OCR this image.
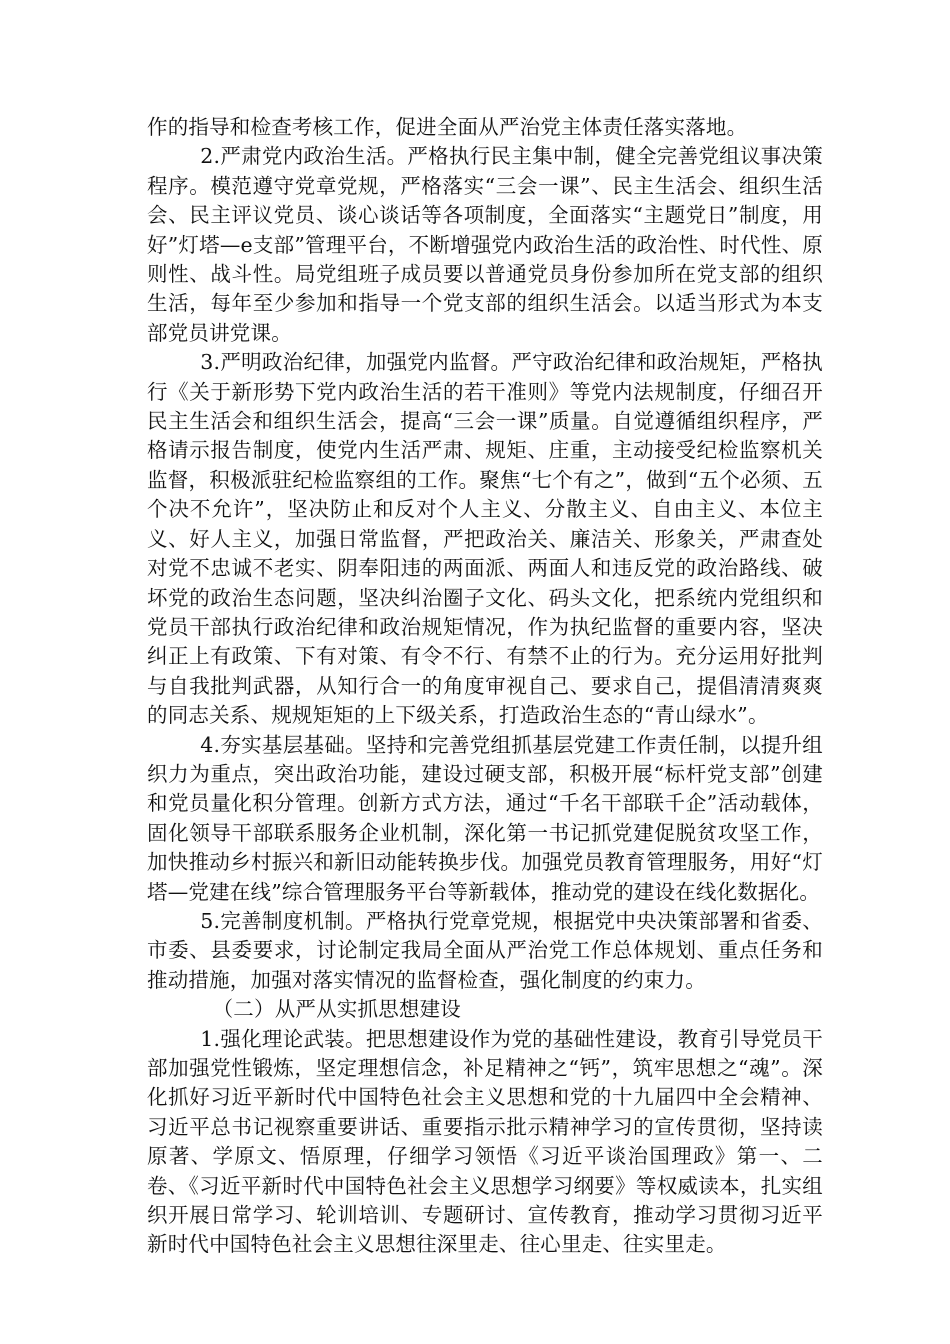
作的指导和检查考核工作，促进全面从严治党主体责任落实落地。

2.严肃党内政治生活。严格执行民主集中制，健全完善党组议事决策程序。模范遵守党章党规，严格落实“三会一课”、民主生活会、组织生活会、民主评议党员、谈心谈话等各项制度，全面落实“主题党日”制度，用好”灯塔—e支部”管理平台，不断增强党内政治生活的政治性、时代性、原则性、战斗性。局党组班子成员要以普通党员身份参加所在党支部的组织生活，每年至少参加和指导一个党支部的组织生活会。以适当形式为本支部党员讲党课。

3.严明政治纪律，加强党内监督。严守政治纪律和政治规矩，严格执行《关于新形势下党内政治生活的若干准则》等党内法规制度，仔细召开民主生活会和组织生活会，提高“三会一课”质量。自觉遵循组织程序，严格请示报告制度，使党内生活严肃、规矩、庄重，主动接受纪检监察机关监督，积极派驻纪检监察组的工作。聚焦“七个有之”，做到“五个必须、五个决不允许”，坚决防止和反对个人主义、分散主义、自由主义、本位主义、好人主义，加强日常监督，严把政治关、廉洁关、形象关，严肃查处对党不忠诚不老实、阴奉阳违的两面派、两面人和违反党的政治路线、破坏党的政治生态问题，坚决纠治圈子文化、码头文化，把系统内党组织和党员干部执行政治纪律和政治规矩情况，作为执纪监督的重要内容，坚决纠正上有政策、下有对策、有令不行、有禁不止的行为。充分运用好批判与自我批判武器，从知行合一的角度审视自己、要求自己，提倡清清爽爽的同志关系、规规矩矩的上下级关系，打造政治生态的“青山绿水”。

4.夯实基层基础。坚持和完善党组抓基层党建工作责任制，以提升组织力为重点，突出政治功能，建设过硬支部，积极开展“标杆党支部”创建和党员量化积分管理。创新方式方法，通过“千名干部联千企”活动载体，固化领导干部联系服务企业机制，深化第一书记抓党建促脱贫攻坚工作，加快推动乡村振兴和新旧动能转换步伐。加强党员教育管理服务，用好“灯塔—党建在线”综合管理服务平台等新载体，推动党的建设在线化数据化。

5.完善制度机制。严格执行党章党规，根据党中央决策部署和省委、市委、县委要求，讨论制定我局全面从严治党工作总体规划、重点任务和推动措施，加强对落实情况的监督检查，强化制度的约束力。

（二）从严从实抓思想建设

1.强化理论武装。把思想建设作为党的基础性建设，教育引导党员干部加强党性锻炼，坚定理想信念，补足精神之“钙”，筑牢思想之“魂”。深化抓好习近平新时代中国特色社会主义思想和党的十九届四中全会精神、习近平总书记视察重要讲话、重要指示批示精神学习的宣传贯彻，坚持读原著、学原文、悟原理，仔细学习领悟《习近平谈治国理政》第一、二卷、《习近平新时代中国特色社会主义思想学习纲要》等权威读本，扎实组织开展日常学习、轮训培训、专题研讨、宣传教育，推动学习贯彻习近平新时代中国特色社会主义思想往深里走、往心里走、往实里走。
